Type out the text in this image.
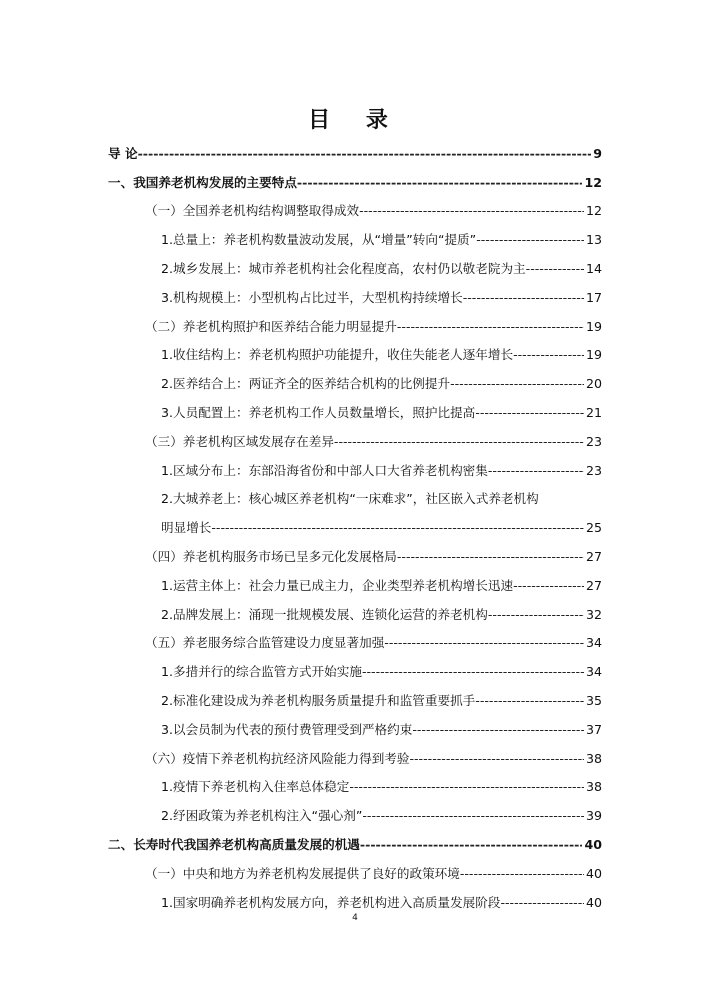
目 录
导 论 -----	9
一、我国养老机构发展的主要特点 -----	12
（一）全国养老机构结构调整取得成效 -----	12
1.总量上：养老机构数量波动发展，从“增量”转向“提质” -----	13
2.城乡发展上：城市养老机构社会化程度高，农村仍以敬老院为主 -----	14
3.机构规模上：小型机构占比过半，大型机构持续增长 -----	17
（二）养老机构照护和医养结合能力明显提升 -----	19
1.收住结构上：养老机构照护功能提升，收住失能老人逐年增长 -----	19
2.医养结合上：两证齐全的医养结合机构的比例提升 -----	20
3.人员配置上：养老机构工作人员数量增长，照护比提高 -----	21
（三）养老机构区域发展存在差异 -----	23
1.区域分布上：东部沿海省份和中部人口大省养老机构密集 -----	23
2.大城养老上：核心城区养老机构“一床难求”，社区嵌入式养老机构
明显增长 -----	25
（四）养老机构服务市场已呈多元化发展格局 -----	27
1.运营主体上：社会力量已成主力，企业类型养老机构增长迅速 -----	27
2.品牌发展上：涌现一批规模发展、连锁化运营的养老机构 -----	32
（五）养老服务综合监管建设力度显著加强 -----	34
1.多措并行的综合监管方式开始实施 -----	34
2.标准化建设成为养老机构服务质量提升和监管重要抓手 -----	35
3.以会员制为代表的预付费管理受到严格约束 -----	37
（六）疫情下养老机构抗经济风险能力得到考验 -----	38
1.疫情下养老机构入住率总体稳定 -----	38
2.纾困政策为养老机构注入“强心剂” -----	39
二、长寿时代我国养老机构高质量发展的机遇 -----	40
（一）中央和地方为养老机构发展提供了良好的政策环境 -----	40
1.国家明确养老机构发展方向，养老机构进入高质量发展阶段 -----	40
4
